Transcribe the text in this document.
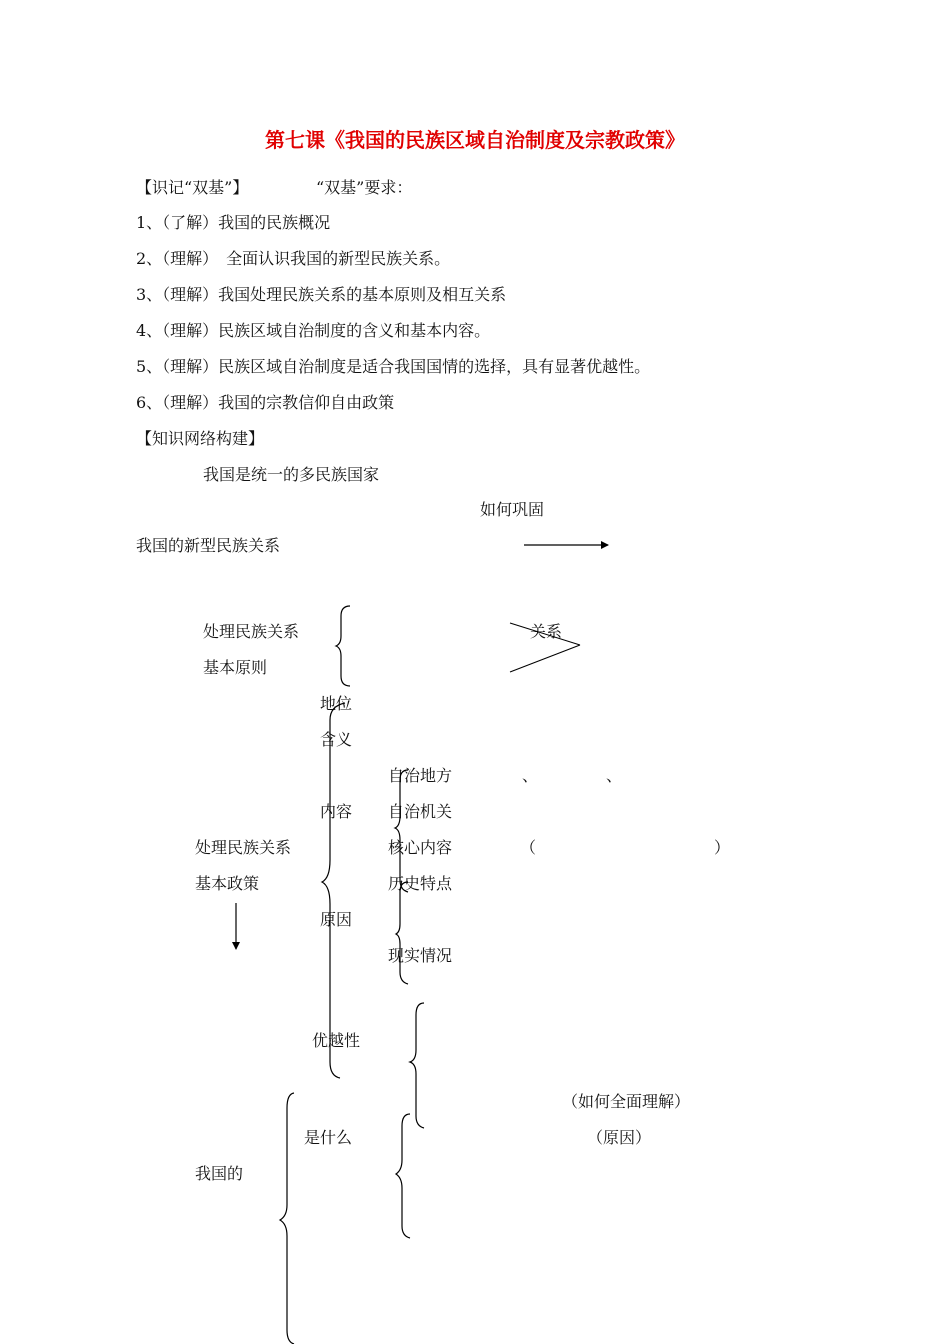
第七课《我国的民族区域自治制度及宗教政策》
【识记“双基”】	“双基”要求：
1、（了解）我国的民族概况
2、（理解）　全面认识我国的新型民族关系。
3、（理解）我国处理民族关系的基本原则及相互关系
4、（理解）民族区域自治制度的含义和基本内容。
5、（理解）民族区域自治制度是适合我国国情的选择，具有显著优越性。
6、（理解）我国的宗教信仰自由政策
【知识网络构建】
我国是统一的多民族国家
如何巩固
我国的新型民族关系
处理民族关系
基本原则
关系
地位
含义
自治地方	、	、
内容 自治机关
处理民族关系	核心内容	（	）
基本政策	历史特点
原因
现实情况
优越性
（如何全面理解）
是什么	（原因）
我国的
